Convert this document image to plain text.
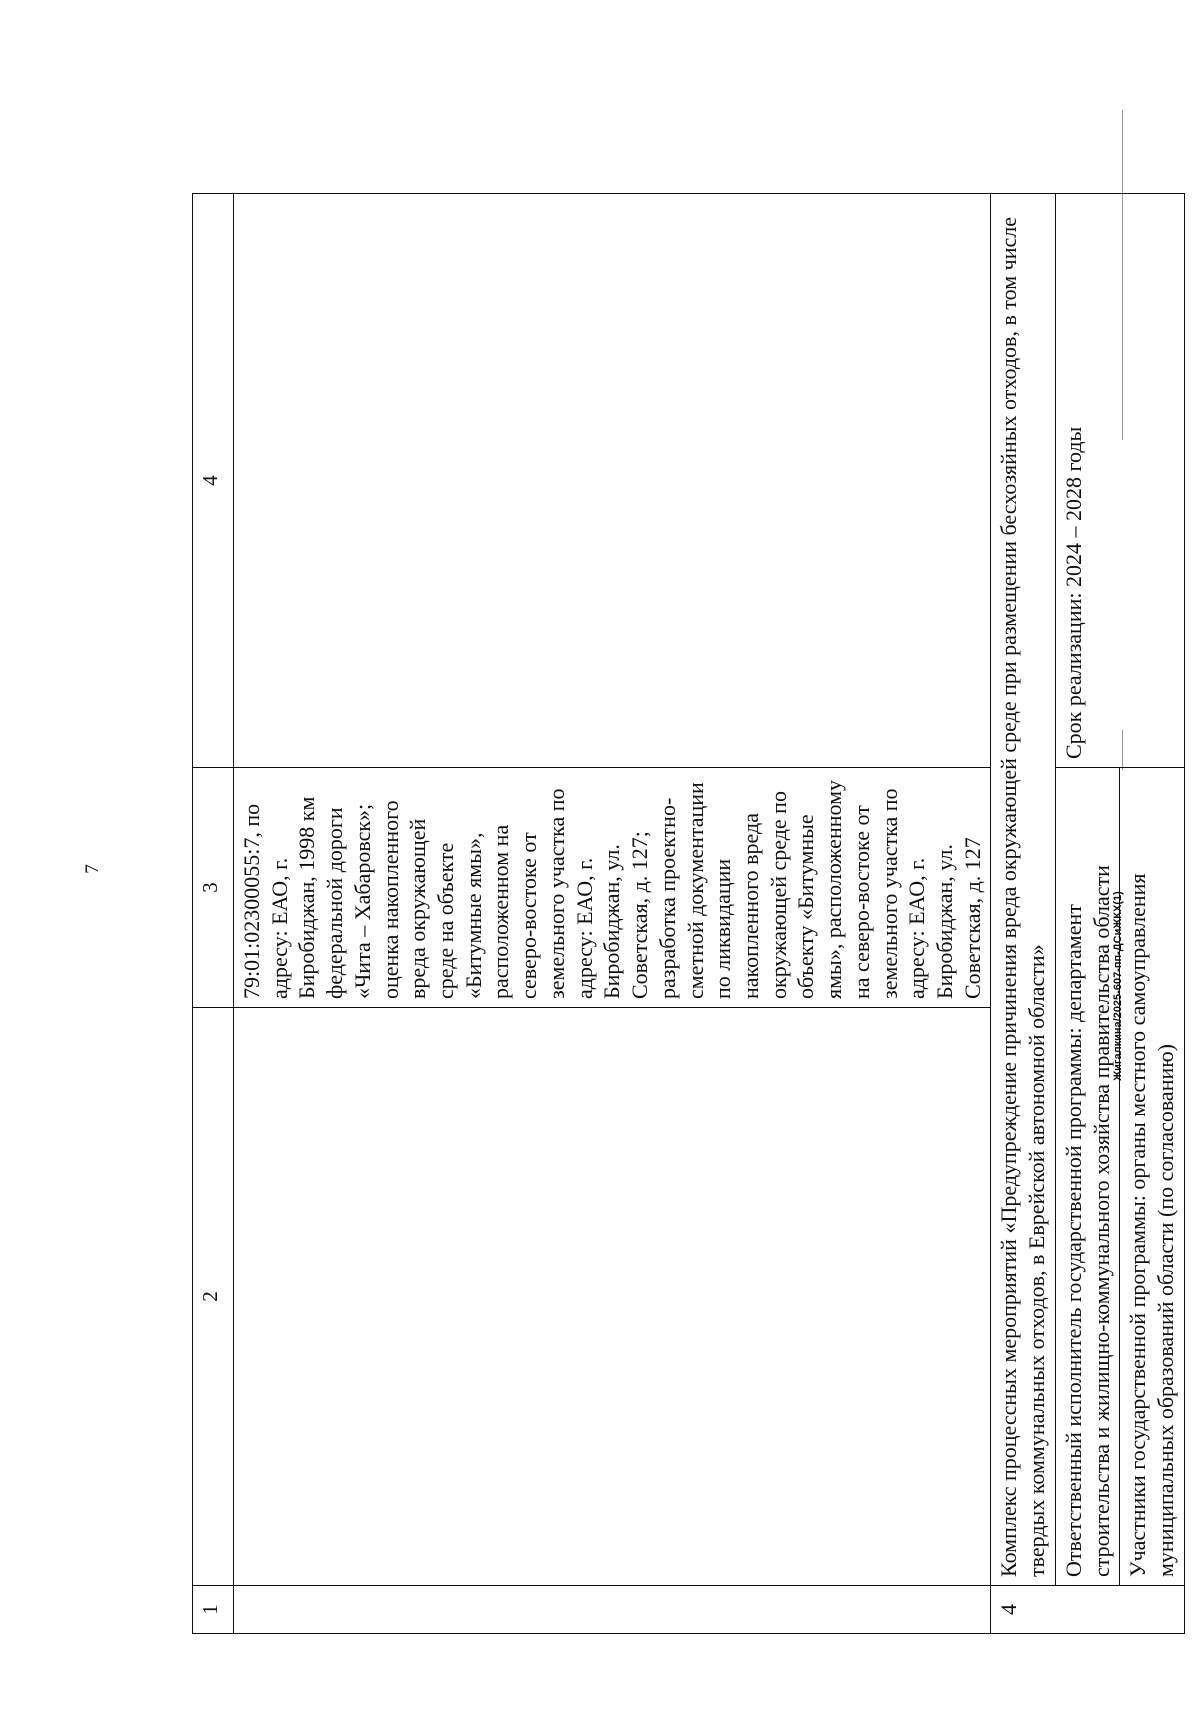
7
Жигалкина/2025-607-пп-ДСиЖКХ(1)
1	2	3	4

		79:01:02300055:7, по адресу: ЕАО, г. Биробиджан, 1998 км федеральной дороги «Чита – Хабаровск»; оценка накопленного вреда окружающей среде на объекте «Битумные ямы», расположенном на северо-востоке от земельного участка по адресу: ЕАО, г. Биробиджан, ул. Советская, д. 127; разработка проектно-сметной документации по ликвидации накопленного вреда окружающей среде по объекту «Битумные ямы», расположенному на северо-востоке от земельного участка по адресу: ЕАО, г. Биробиджан, ул. Советская, д. 127	

4	Комплекс процессных мероприятий «Предупреждение причинения вреда окружающей среде при размещении бесхозяйных отходов, в том числе твердых коммунальных отходов, в Еврейской автономной области»		
	Ответственный исполнитель государственной программы: департамент строительства и жилищно-коммунального хозяйства правительства области		Срок реализации: 2024 – 2028 годы
	Участники государственной программы: органы местного самоуправления муниципальных образований области (по согласованию)		
